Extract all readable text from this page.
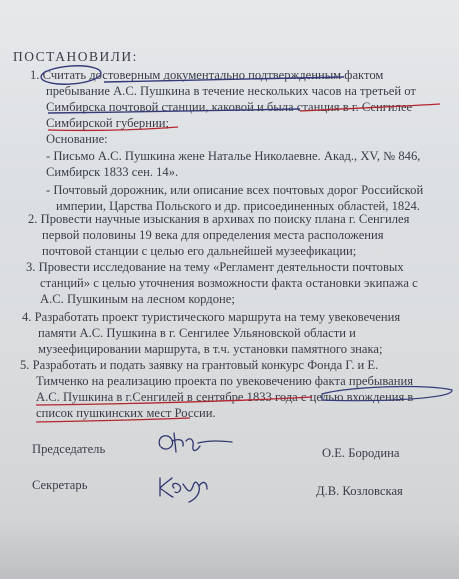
ПОСТАНОВИЛИ:
1. Считать достоверным документально подтвержденным фактом
пребывание А.С. Пушкина в течение нескольких часов на третьей от
Симбирска почтовой станции, каковой и была станция в г. Сенгилее
Симбирской губернии;
Основание:
- Письмо А.С. Пушкина жене Наталье Николаевне. Акад., XV, № 846,
Симбирск 1833 сен. 14».
- Почтовый дорожник, или описание всех почтовых дорог Российской
империи, Царства Польского и др. присоединенных областей, 1824.
2. Провести научные изыскания в архивах по поиску плана г. Сенгилея
первой половины 19 века для определения места расположения
почтовой станции с целью его дальнейшей музеефикации;
3. Провести исследование на тему «Регламент деятельности почтовых
станций» с целью уточнения возможности факта остановки экипажа с
А.С. Пушкиным на лесном кордоне;
4. Разработать проект туристического маршрута на тему увековечения
памяти А.С. Пушкина в г. Сенгилее Ульяновской области и
музеефицировании маршрута, в т.ч. установки памятного знака;
5. Разработать и подать заявку на грантовый конкурс Фонда Г. и Е.
Тимченко на реализацию проекта по увековечению факта пребывания
А.С. Пушкина в г.Сенгилей в сентябре 1833 года с целью вхождения в
список пушкинских мест России.
Председатель	О.Е. Бородина
Секретарь	Д.В. Козловская
